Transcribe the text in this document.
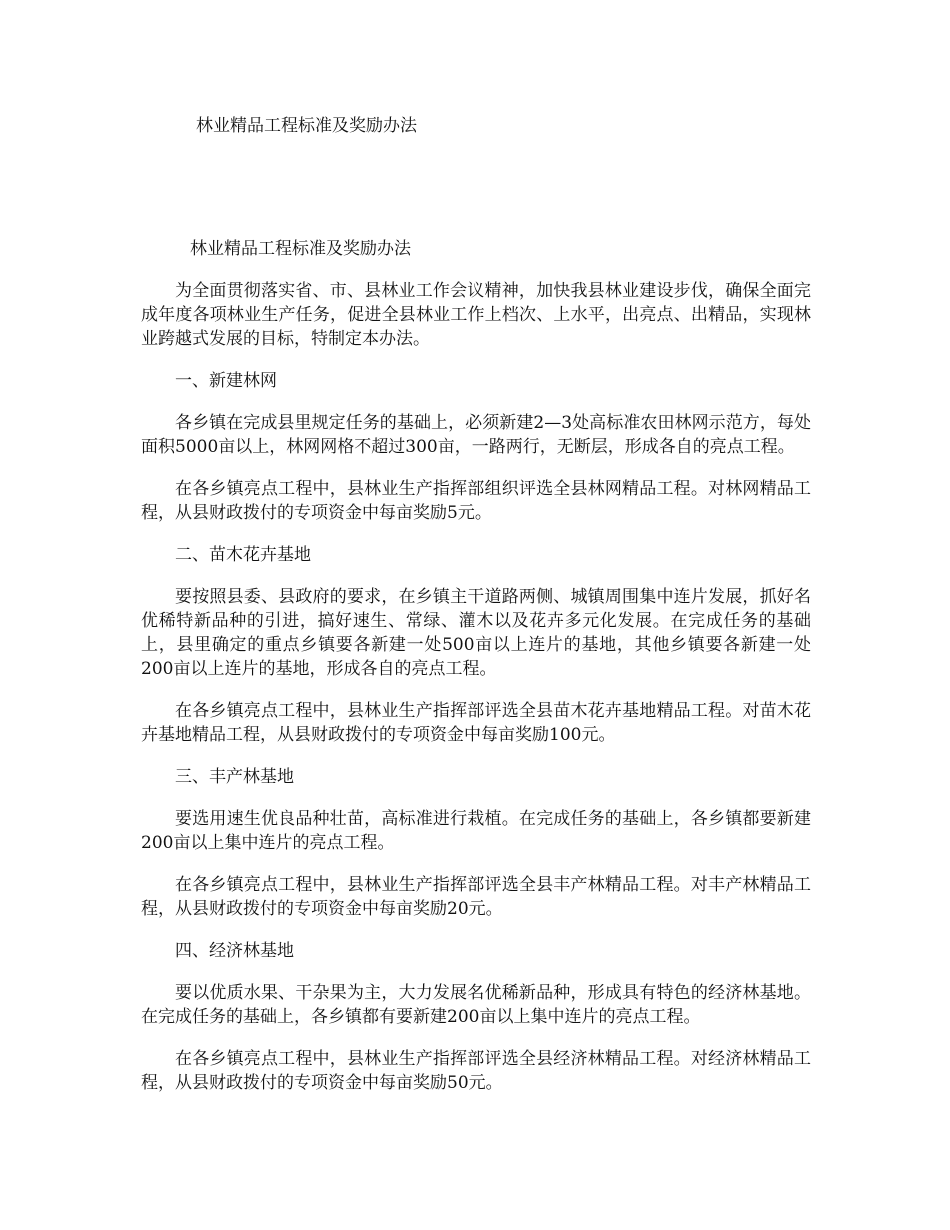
林业精品工程标准及奖励办法
林业精品工程标准及奖励办法

为全面贯彻落实省、市、县林业工作会议精神，加快我县林业建设步伐，确保全面完成年度各项林业生产任务，促进全县林业工作上档次、上水平，出亮点、出精品，实现林业跨越式发展的目标，特制定本办法。

一、新建林网

各乡镇在完成县里规定任务的基础上，必须新建2—3处高标准农田林网示范方，每处面积5000亩以上，林网网格不超过300亩，一路两行，无断层，形成各自的亮点工程。

在各乡镇亮点工程中，县林业生产指挥部组织评选全县林网精品工程。对林网精品工程，从县财政拨付的专项资金中每亩奖励5元。

二、苗木花卉基地

要按照县委、县政府的要求，在乡镇主干道路两侧、城镇周围集中连片发展，抓好名优稀特新品种的引进，搞好速生、常绿、灌木以及花卉多元化发展。在完成任务的基础上，县里确定的重点乡镇要各新建一处500亩以上连片的基地，其他乡镇要各新建一处200亩以上连片的基地，形成各自的亮点工程。

在各乡镇亮点工程中，县林业生产指挥部评选全县苗木花卉基地精品工程。对苗木花卉基地精品工程，从县财政拨付的专项资金中每亩奖励100元。

三、丰产林基地

要选用速生优良品种壮苗，高标准进行栽植。在完成任务的基础上，各乡镇都要新建200亩以上集中连片的亮点工程。

在各乡镇亮点工程中，县林业生产指挥部评选全县丰产林精品工程。对丰产林精品工程，从县财政拨付的专项资金中每亩奖励20元。

四、经济林基地

要以优质水果、干杂果为主，大力发展名优稀新品种，形成具有特色的经济林基地。在完成任务的基础上，各乡镇都有要新建200亩以上集中连片的亮点工程。

在各乡镇亮点工程中，县林业生产指挥部评选全县经济林精品工程。对经济林精品工程，从县财政拨付的专项资金中每亩奖励50元。
